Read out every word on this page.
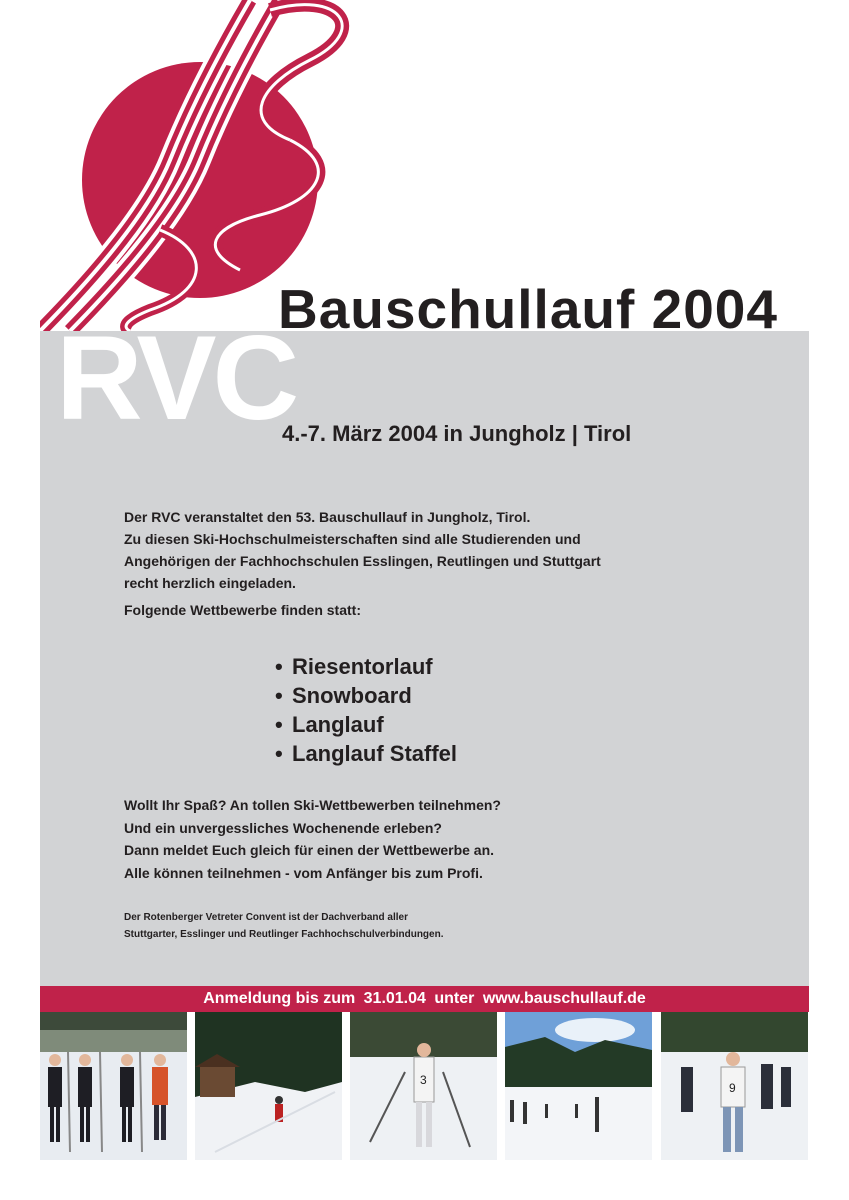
RVC
Bauschullauf 2004
4.-7. März 2004 in Jungholz | Tirol

Der RVC veranstaltet den 53. Bauschullauf in Jungholz, Tirol.

Zu diesen Ski-Hochschulmeisterschaften sind alle Studierenden und

Angehörigen der Fachhochschulen Esslingen, Reutlingen und Stuttgart

recht herzlich eingeladen.

Folgende Wettbewerbe finden statt:
• Riesentorlauf
• Snowboard
• Langlauf
• Langlauf Staffel

Wollt Ihr Spaß? An tollen Ski-Wettbewerben teilnehmen?

Und ein unvergessliches Wochenende erleben?

Dann meldet Euch gleich für einen der Wettbewerbe an.

Alle können teilnehmen - vom Anfänger bis zum Profi.

Der Rotenberger Vetreter Convent ist der Dachverband aller

Stuttgarter, Esslinger und Reutlinger Fachhochschulverbindungen.

Anmeldung bis zum 31.01.04 unter www.bauschullauf.de
3
9
